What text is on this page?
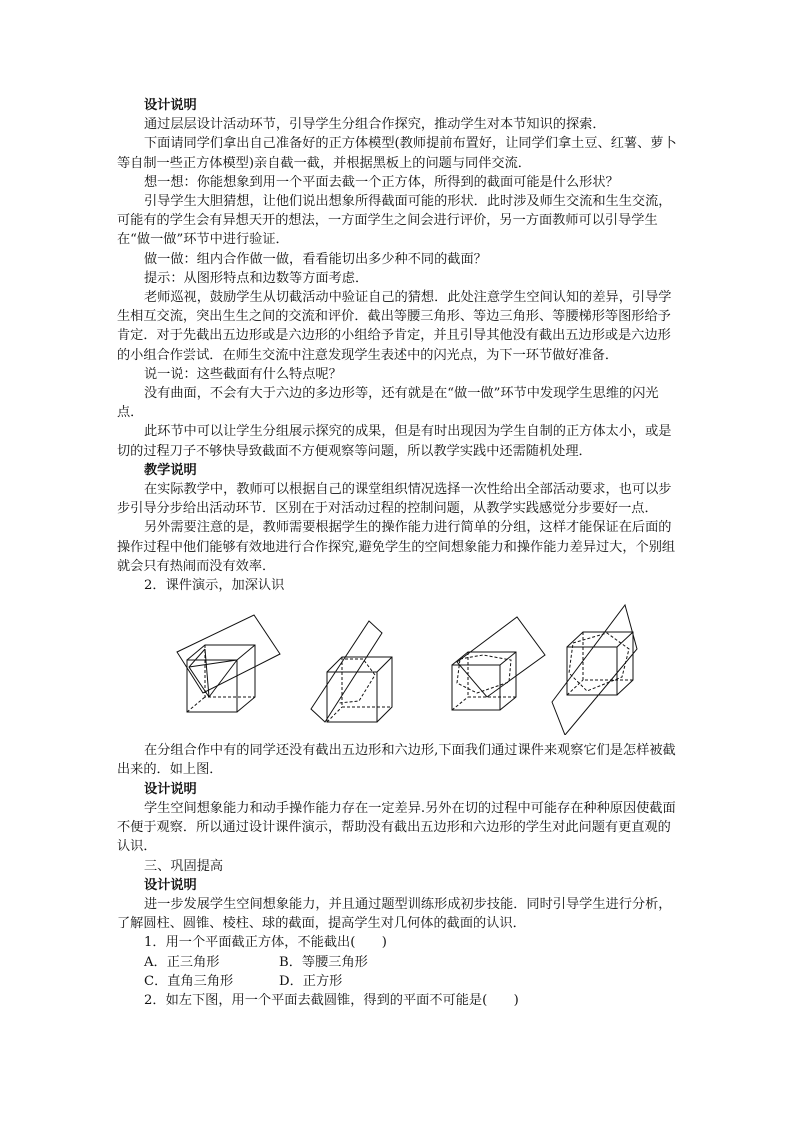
设计说明

通过层层设计活动环节，引导学生分组合作探究，推动学生对本节知识的探索．

下面请同学们拿出自己准备好的正方体模型(教师提前布置好，让同学们拿土豆、红薯、萝卜等自制一些正方体模型)亲自截一截，并根据黑板上的问题与同伴交流．

想一想：你能想象到用一个平面去截一个正方体，所得到的截面可能是什么形状？

引导学生大胆猜想，让他们说出想象所得截面可能的形状．此时涉及师生交流和生生交流，可能有的学生会有异想天开的想法，一方面学生之间会进行评价，另一方面教师可以引导学生在“做一做”环节中进行验证．

做一做：组内合作做一做，看看能切出多少种不同的截面？

提示：从图形特点和边数等方面考虑．

老师巡视，鼓励学生从切截活动中验证自己的猜想．此处注意学生空间认知的差异，引导学生相互交流，突出生生之间的交流和评价．截出等腰三角形、等边三角形、等腰梯形等图形给予肯定．对于先截出五边形或是六边形的小组给予肯定，并且引导其他没有截出五边形或是六边形的小组合作尝试．在师生交流中注意发现学生表述中的闪光点，为下一环节做好准备．

说一说：这些截面有什么特点呢？

没有曲面，不会有大于六边的多边形等，还有就是在“做一做”环节中发现学生思维的闪光点．

此环节中可以让学生分组展示探究的成果，但是有时出现因为学生自制的正方体太小，或是切的过程刀子不够快导致截面不方便观察等问题，所以教学实践中还需随机处理．

教学说明

在实际教学中，教师可以根据自己的课堂组织情况选择一次性给出全部活动要求，也可以步步引导分步给出活动环节．区别在于对活动过程的控制问题，从教学实践感觉分步要好一点．

另外需要注意的是，教师需要根据学生的操作能力进行简单的分组，这样才能保证在后面的操作过程中他们能够有效地进行合作探究,避免学生的空间想象能力和操作能力差异过大，个别组就会只有热闹而没有效率．

2．课件演示，加深认识

在分组合作中有的同学还没有截出五边形和六边形,下面我们通过课件来观察它们是怎样被截出来的．如上图．

设计说明

学生空间想象能力和动手操作能力存在一定差异.另外在切的过程中可能存在种种原因使截面不便于观察．所以通过设计课件演示，帮助没有截出五边形和六边形的学生对此问题有更直观的认识．

三、巩固提高

设计说明

进一步发展学生空间想象能力，并且通过题型训练形成初步技能．同时引导学生进行分析，了解圆柱、圆锥、棱柱、球的截面，提高学生对几何体的截面的认识．

1．用一个平面截正方体，不能截出(　　)

A．正三角形	B．等腰三角形

C．直角三角形	D．正方形

2．如左下图，用一个平面去截圆锥，得到的平面不可能是(　　)
